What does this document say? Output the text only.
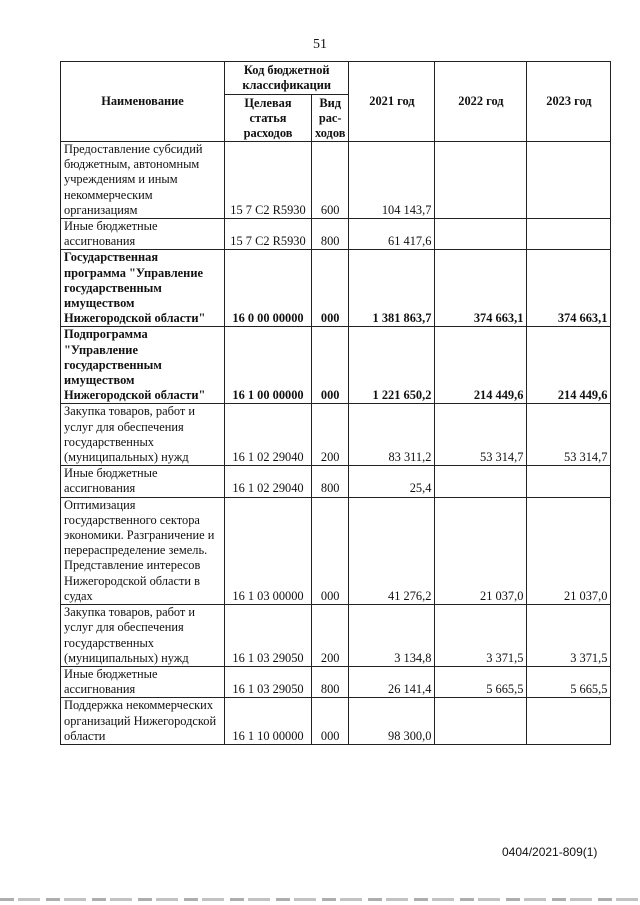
51
Наименование	Код бюджетной классификации		2021 год	2022 год	2023 год
	Целевая статья расходов	Вид рас-ходов			
Предоставление субсидий бюджетным, автономным учреждениям и иным некоммерческим организациям	15 7 C2 R5930	600	104 143,7		
Иные бюджетные ассигнования	15 7 C2 R5930	800	61 417,6		
Государственная программа "Управление государственным имуществом Нижегородской области"	16 0 00 00000	000	1 381 863,7	374 663,1	374 663,1
Подпрограмма "Управление государственным имуществом Нижегородской области"	16 1 00 00000	000	1 221 650,2	214 449,6	214 449,6
Закупка товаров, работ и услуг для обеспечения государственных (муниципальных) нужд	16 1 02 29040	200	83 311,2	53 314,7	53 314,7
Иные бюджетные ассигнования	16 1 02 29040	800	25,4		
Оптимизация государственного сектора экономики. Разграничение и перераспределение земель. Представление интересов Нижегородской области в судах	16 1 03 00000	000	41 276,2	21 037,0	21 037,0
Закупка товаров, работ и услуг для обеспечения государственных (муниципальных) нужд	16 1 03 29050	200	3 134,8	3 371,5	3 371,5
Иные бюджетные ассигнования	16 1 03 29050	800	26 141,4	5 665,5	5 665,5
Поддержка некоммерческих организаций Нижегородской области	16 1 10 00000	000	98 300,0		
0404/2021-809(1)
